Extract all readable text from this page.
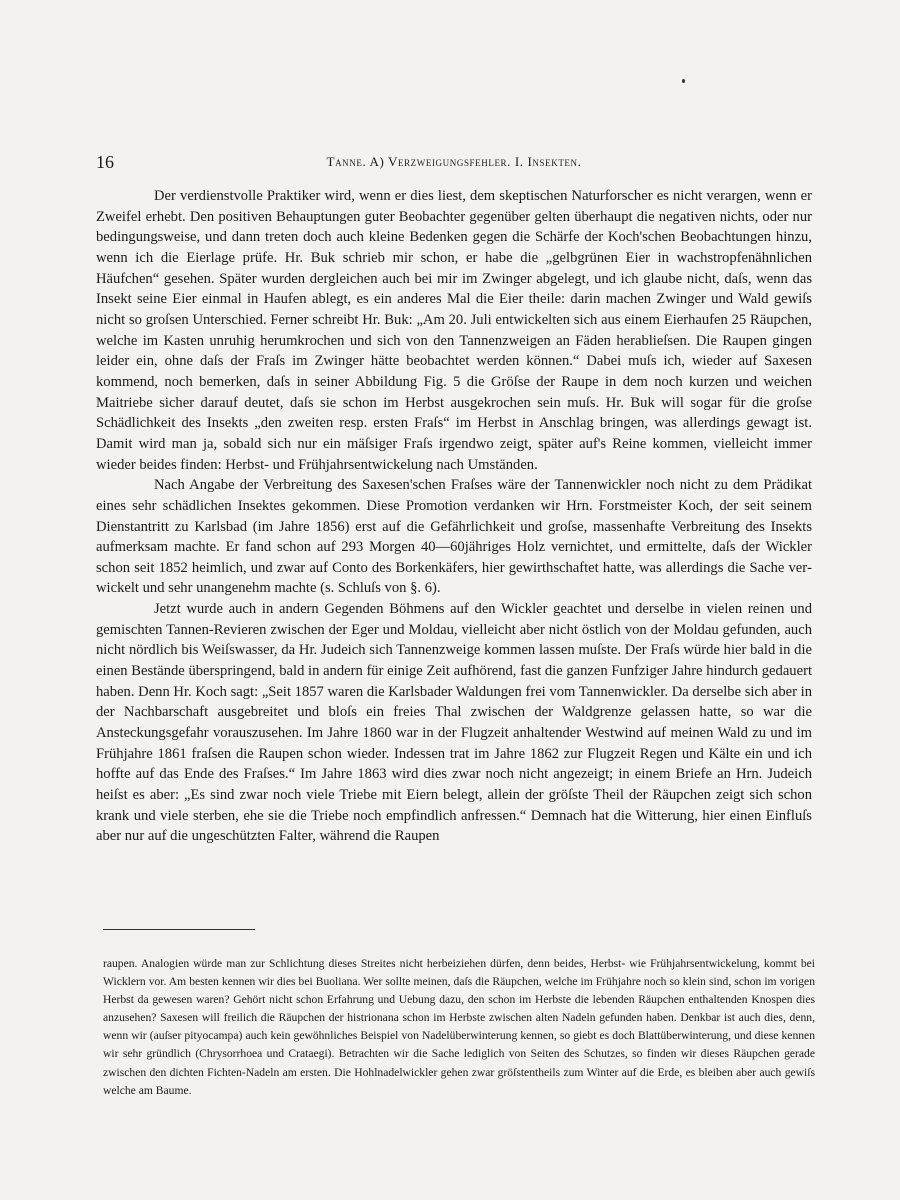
16	Tanne. A) Verzweigungsfehler. I. Insekten.

Der verdienstvolle Praktiker wird, wenn er dies liest, dem skeptischen Naturforscher es nicht verargen, wenn er Zweifel erhebt. Den positiven Behauptungen guter Beobachter gegenüber gelten überhaupt die negativen nichts, oder nur bedingungsweise, und dann treten doch auch kleine Bedenken gegen die Schärfe der Koch'schen Beobachtungen hinzu, wenn ich die Eierlage prüfe. Hr. Buk schrieb mir schon, er habe die „gelbgrünen Eier in wachstropfenähnlichen Häufchen“ gesehen. Später wurden dergleichen auch bei mir im Zwinger abgelegt, und ich glaube nicht, daſs, wenn das Insekt seine Eier einmal in Haufen ablegt, es ein anderes Mal die Eier theile: darin machen Zwinger und Wald gewiſs nicht so groſsen Unterschied. Ferner schreibt Hr. Buk: „Am 20. Juli entwickelten sich aus einem Eierhaufen 25 Räupchen, welche im Kasten unruhig herumkrochen und sich von den Tannenzweigen an Fäden herablieſsen. Die Raupen gingen leider ein, ohne daſs der Fraſs im Zwinger hätte beobachtet werden können.“ Dabei muſs ich, wieder auf Saxesen kommend, noch bemerken, daſs in seiner Abbildung Fig. 5 die Gröſse der Raupe in dem noch kurzen und weichen Maitriebe sicher darauf deutet, daſs sie schon im Herbst ausgekrochen sein muſs. Hr. Buk will sogar für die groſse Schädlichkeit des Insekts „den zweiten resp. ersten Fraſs“ im Herbst in Anschlag bringen, was allerdings gewagt ist. Damit wird man ja, sobald sich nur ein mäſsiger Fraſs irgendwo zeigt, später auf's Reine kommen, vielleicht immer wieder beides finden: Herbst- und Frühjahrsentwickelung nach Umständen.

Nach Angabe der Verbreitung des Saxesen'schen Fraſses wäre der Tannenwickler noch nicht zu dem Prädikat eines sehr schädlichen Insektes gekommen. Diese Promotion verdanken wir Hrn. Forstmeister Koch, der seit seinem Dienstantritt zu Karlsbad (im Jahre 1856) erst auf die Gefährlichkeit und groſse, massenhafte Verbreitung des Insekts aufmerksam machte. Er fand schon auf 293 Morgen 40—60jähriges Holz vernichtet, und ermittelte, daſs der Wickler schon seit 1852 heimlich, und zwar auf Conto des Borkenkäfers, hier gewirthschaftet hatte, was allerdings die Sache verwickelt und sehr unangenehm machte (s. Schluſs von §. 6).

Jetzt wurde auch in andern Gegenden Böhmens auf den Wickler geachtet und derselbe in vielen reinen und gemischten Tannen-Revieren zwischen der Eger und Moldau, vielleicht aber nicht östlich von der Moldau gefunden, auch nicht nördlich bis Weiſswasser, da Hr. Judeich sich Tannenzweige kommen lassen muſste. Der Fraſs würde hier bald in die einen Bestände überspringend, bald in andern für einige Zeit aufhörend, fast die ganzen Funfziger Jahre hindurch gedauert haben. Denn Hr. Koch sagt: „Seit 1857 waren die Karlsbader Waldungen frei vom Tannenwickler. Da derselbe sich aber in der Nachbarschaft ausgebreitet und bloſs ein freies Thal zwischen der Waldgrenze gelassen hatte, so war die Ansteckungsgefahr vorauszusehen. Im Jahre 1860 war in der Flugzeit anhaltender Westwind auf meinen Wald zu und im Frühjahre 1861 fraſsen die Raupen schon wieder. Indessen trat im Jahre 1862 zur Flugzeit Regen und Kälte ein und ich hoffte auf das Ende des Fraſses.“ Im Jahre 1863 wird dies zwar noch nicht angezeigt; in einem Briefe an Hrn. Judeich heiſst es aber: „Es sind zwar noch viele Triebe mit Eiern belegt, allein der gröſste Theil der Räupchen zeigt sich schon krank und viele sterben, ehe sie die Triebe noch empfindlich anfressen.“ Demnach hat die Witterung, hier einen Einfluſs aber nur auf die ungeschützten Falter, während die Raupen

raupen. Analogien würde man zur Schlichtung dieses Streites nicht herbeiziehen dürfen, denn beides, Herbst- wie Frühjahrsentwickelung, kommt bei Wicklern vor. Am besten kennen wir dies bei Buoliana. Wer sollte meinen, daſs die Räupchen, welche im Frühjahre noch so klein sind, schon im vorigen Herbst da gewesen waren? Gehört nicht schon Erfahrung und Uebung dazu, den schon im Herbste die lebenden Räupchen enthaltenden Knospen dies anzusehen? Saxesen will freilich die Räupchen der histrionana schon im Herbste zwischen alten Nadeln gefunden haben. Denkbar ist auch dies, denn, wenn wir (auſser pityocampa) auch kein gewöhnliches Beispiel von Nadelüberwinterung kennen, so giebt es doch Blattüberwinterung, und diese kennen wir sehr gründlich (Chrysorrhoea und Crataegi). Betrachten wir die Sache lediglich von Seiten des Schutzes, so finden wir dieses Räupchen gerade zwischen den dichten Fichten-Nadeln am ersten. Die Hohlnadelwickler gehen zwar gröſstentheils zum Winter auf die Erde, es bleiben aber auch gewiſs welche am Baume.
